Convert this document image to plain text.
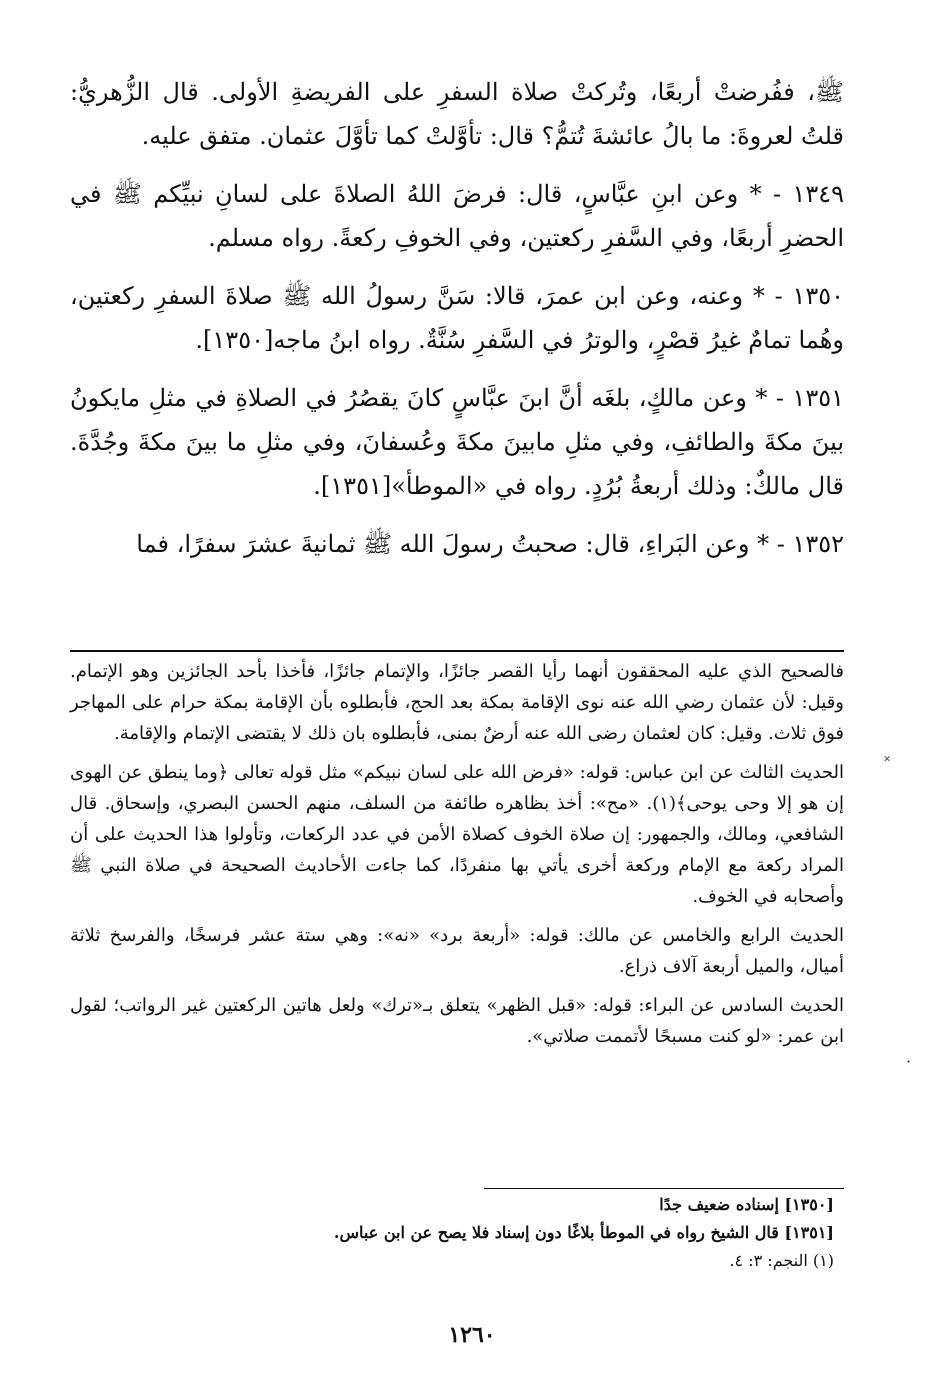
ﷺ، ففُرضتْ أربعًا، وتُركتْ صلاة السفرِ على الفريضةِ الأولى. قال الزُّهريُّ: قلتُ لعروةَ: ما بالُ عائشةَ تُتمُّ؟ قال: تأوَّلتْ كما تأوَّلَ عثمان. متفق عليه.

١٣٤٩ - * وعن ابنِ عبَّاسٍ، قال: فرضَ اللهُ الصلاةَ على لسانِ نبيِّكم ﷺ في الحضرِ أربعًا، وفي السَّفرِ ركعتين، وفي الخوفِ ركعةً. رواه مسلم.

١٣٥٠ - * وعنه، وعن ابن عمرَ، قالا: سَنَّ رسولُ الله ﷺ صلاةَ السفرِ ركعتين، وهُما تمامٌ غيرُ قصْرٍ، والوترُ في السَّفرِ سُنَّةٌ. رواه ابنُ ماجه[١٣٥٠].

١٣٥١ - * وعن مالكٍ، بلغَه أنَّ ابنَ عبَّاسٍ كانَ يقصُرُ في الصلاةِ في مثلِ مايكونُ بينَ مكةَ والطائفِ، وفي مثلِ مابينَ مكةَ وعُسفانَ، وفي مثلِ ما بينَ مكةَ وجُدَّةَ. قال مالكٌ: وذلك أربعةُ بُرُدٍ. رواه في «الموطأ»[١٣٥١].

١٣٥٢ - * وعن البَراءِ، قال: صحبتُ رسولَ الله ﷺ ثمانيةَ عشرَ سفرًا، فما

فالصحيح الذي عليه المحققون أنهما رأيا القصر جائزًا، والإتمام جائزًا، فأخذا بأحد الجائزين وهو الإتمام. وقيل: لأن عثمان رضي الله عنه نوى الإقامة بمكة بعد الحج، فأبطلوه بأن الإقامة بمكة حرام على المهاجر فوق ثلاث. وقيل: كان لعثمان رضى الله عنه أرضٌ بمنى، فأبطلوه بان ذلك لا يقتضى الإتمام والإقامة.

الحديث الثالث عن ابن عباس: قوله: «فرض الله على لسان نبيكم» مثل قوله تعالى ﴿وما ينطق عن الهوى إن هو إلا وحى يوحى﴾(١). «مح»: أخذ بظاهره طائفة من السلف، منهم الحسن البصري، وإسحاق. قال الشافعي، ومالك، والجمهور: إن صلاة الخوف كصلاة الأمن في عدد الركعات، وتأولوا هذا الحديث على أن المراد ركعة مع الإمام وركعة أخرى يأتي بها منفردًا، كما جاءت الأحاديث الصحيحة في صلاة النبي ﷺ وأصحابه في الخوف.

الحديث الرابع والخامس عن مالك: قوله: «أربعة برد» «نه»: وهي ستة عشر فرسخًا، والفرسخ ثلاثة أميال، والميل أربعة آلاف ذراع.

الحديث السادس عن البراء: قوله: «قبل الظهر» يتعلق بـ«ترك» ولعل هاتين الركعتين غير الرواتب؛ لقول ابن عمر: «لو كنت مسبحًا لأتممت صلاتي».

[١٣٥٠] إسناده ضعيف جدًا

[١٣٥١] قال الشيخ رواه في الموطأ بلاغًا دون إسناد فلا يصح عن ابن عباس.

(١) النجم: ٣: ٤.

١٢٦٠
˟
·
